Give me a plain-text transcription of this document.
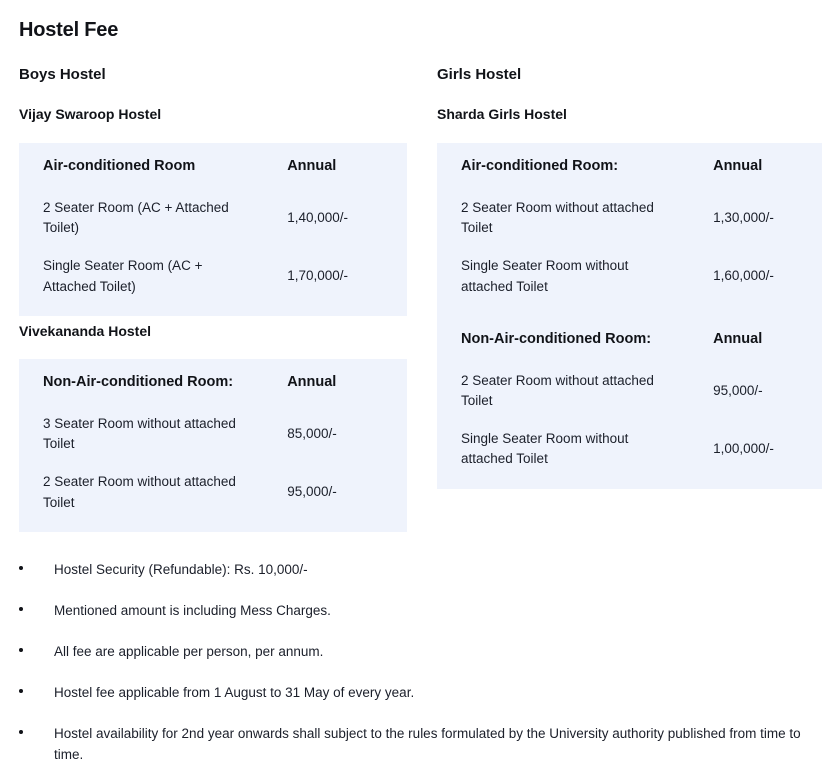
Hostel Fee
Boys Hostel
Vijay Swaroop Hostel
Air-conditioned Room	Annual
2 Seater Room (AC + Attached Toilet)	1,40,000/-
Single Seater Room (AC + Attached Toilet)	1,70,000/-

Vivekananda Hostel
Non-Air-conditioned Room:	Annual
3 Seater Room without attached Toilet	85,000/-
2 Seater Room without attached Toilet	95,000/-

Girls Hostel
Sharda Girls Hostel
Air-conditioned Room:	Annual
2 Seater Room without attached Toilet	1,30,000/-
Single Seater Room without attached Toilet	1,60,000/-

Non-Air-conditioned Room:	Annual
2 Seater Room without attached Toilet	95,000/-
Single Seater Room without attached Toilet	1,00,000/-

Hostel Security (Refundable): Rs. 10,000/-
Mentioned amount is including Mess Charges.
All fee are applicable per person, per annum.
Hostel fee applicable from 1 August to 31 May of every year.
Hostel availability for 2nd year onwards shall subject to the rules formulated by the University authority published from time to time.
